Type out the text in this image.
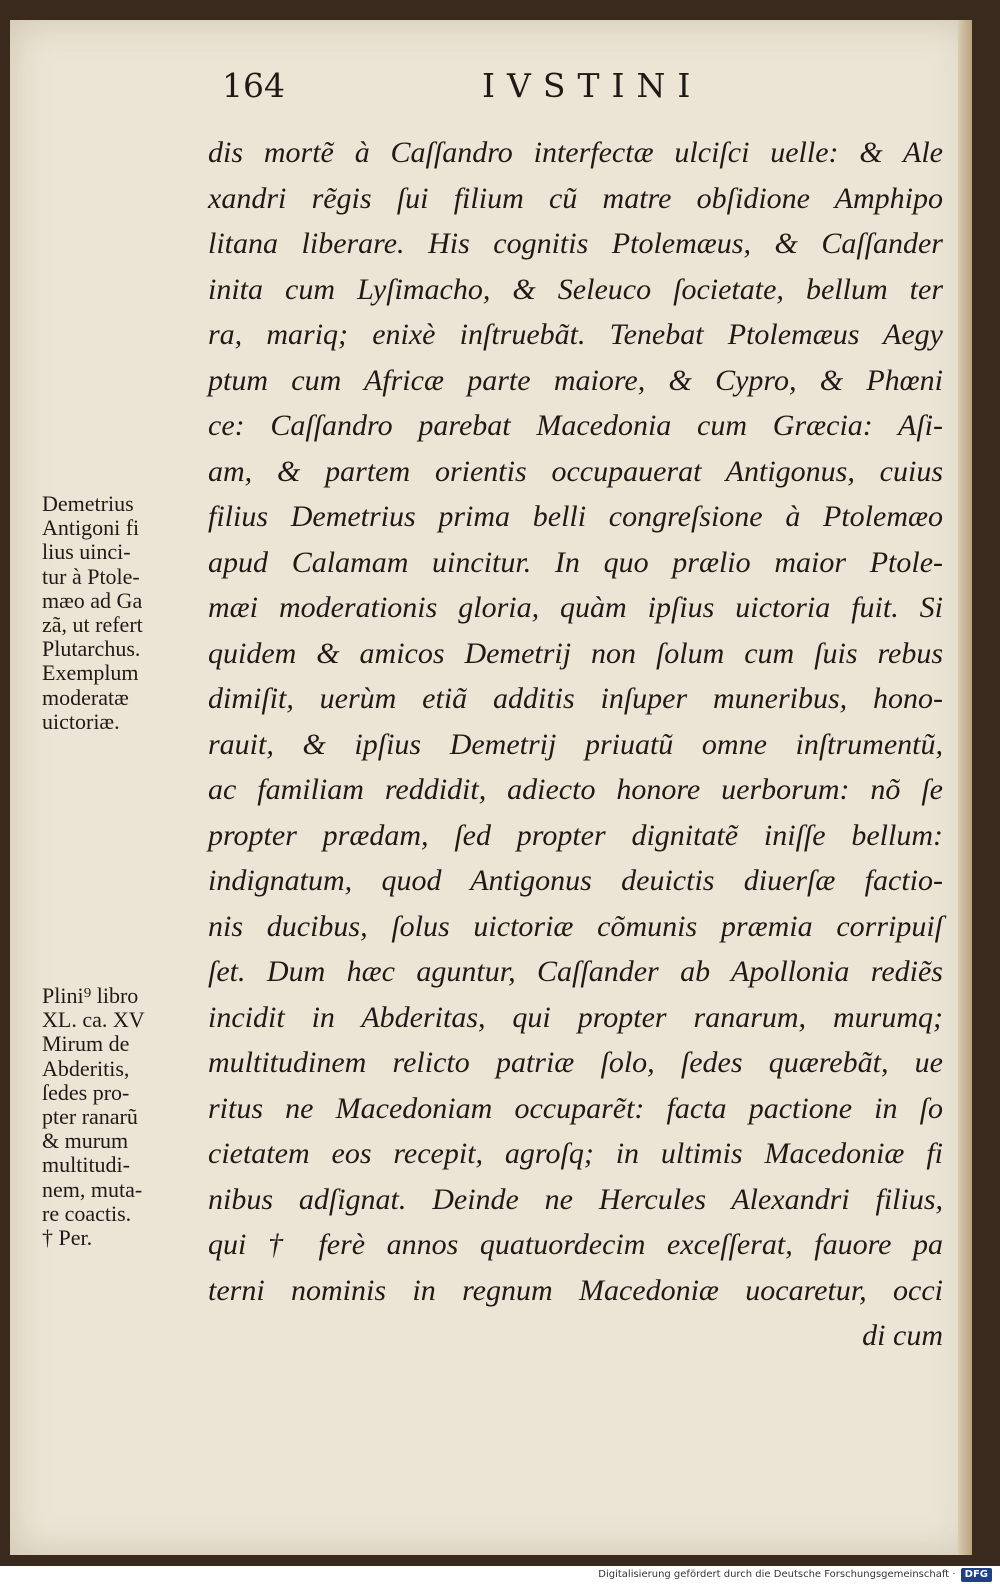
164	IVSTINI
dis mortẽ à Caſſandro interfectæ ulciſci uelle: & Ale
xandri rẽgis ſui filium cũ matre obſidione Amphipo
litana liberare. His cognitis Ptolemæus, & Caſſander
inita cum Lyſimacho, & Seleuco ſocietate, bellum ter
ra, mariq; enixè inſtruebãt. Tenebat Ptolemæus Aegy
ptum cum Africæ parte maiore, & Cypro, & Phœni
ce: Caſſandro parebat Macedonia cum Græcia: Aſi-
am, & partem orientis occupauerat Antigonus, cuius
filius Demetrius prima belli congreſsione à Ptolemæo
apud Calamam uincitur. In quo prælio maior Ptole-
mæi moderationis gloria, quàm ipſius uictoria fuit. Si
quidem & amicos Demetrij non ſolum cum ſuis rebus
dimiſit, uerùm etiã additis inſuper muneribus, hono-
rauit, & ipſius Demetrij priuatũ omne inſtrumentũ,
ac familiam reddidit, adiecto honore uerborum: nõ ſe
propter prædam, ſed propter dignitatẽ iniſſe bellum:
indignatum, quod Antigonus deuictis diuerſæ factio-
nis ducibus, ſolus uictoriæ cõmunis præmia corripuiſ
ſet. Dum hæc aguntur, Caſſander ab Apollonia rediẽs
incidit in Abderitas, qui propter ranarum, murumq;
multitudinem relicto patriæ ſolo, ſedes quærebãt, ue
ritus ne Macedoniam occuparẽt: facta pactione in ſo
cietatem eos recepit, agroſq; in ultimis Macedoniæ fi
nibus adſignat. Deinde ne Hercules Alexandri filius,
qui † ferè annos quatuordecim exceſſerat, fauore pa
terni nominis in regnum Macedoniæ uocaretur, occi
di cum
Demetrius
Antigoni fi
lius uinci-
tur à Ptole-
mæo ad Ga
zã, ut refert
Plutarchus.
Exemplum
moderatæ
uictoriæ.
Plini⁹ libro
XL. ca. XV
Mirum de
Abderitis,
ſedes pro-
pter ranarũ
& murum
multitudi-
nem, muta-
re coactis.
† Per.
Digitalisierung gefördert durch die Deutsche Forschungsgemeinschaft · DFG
